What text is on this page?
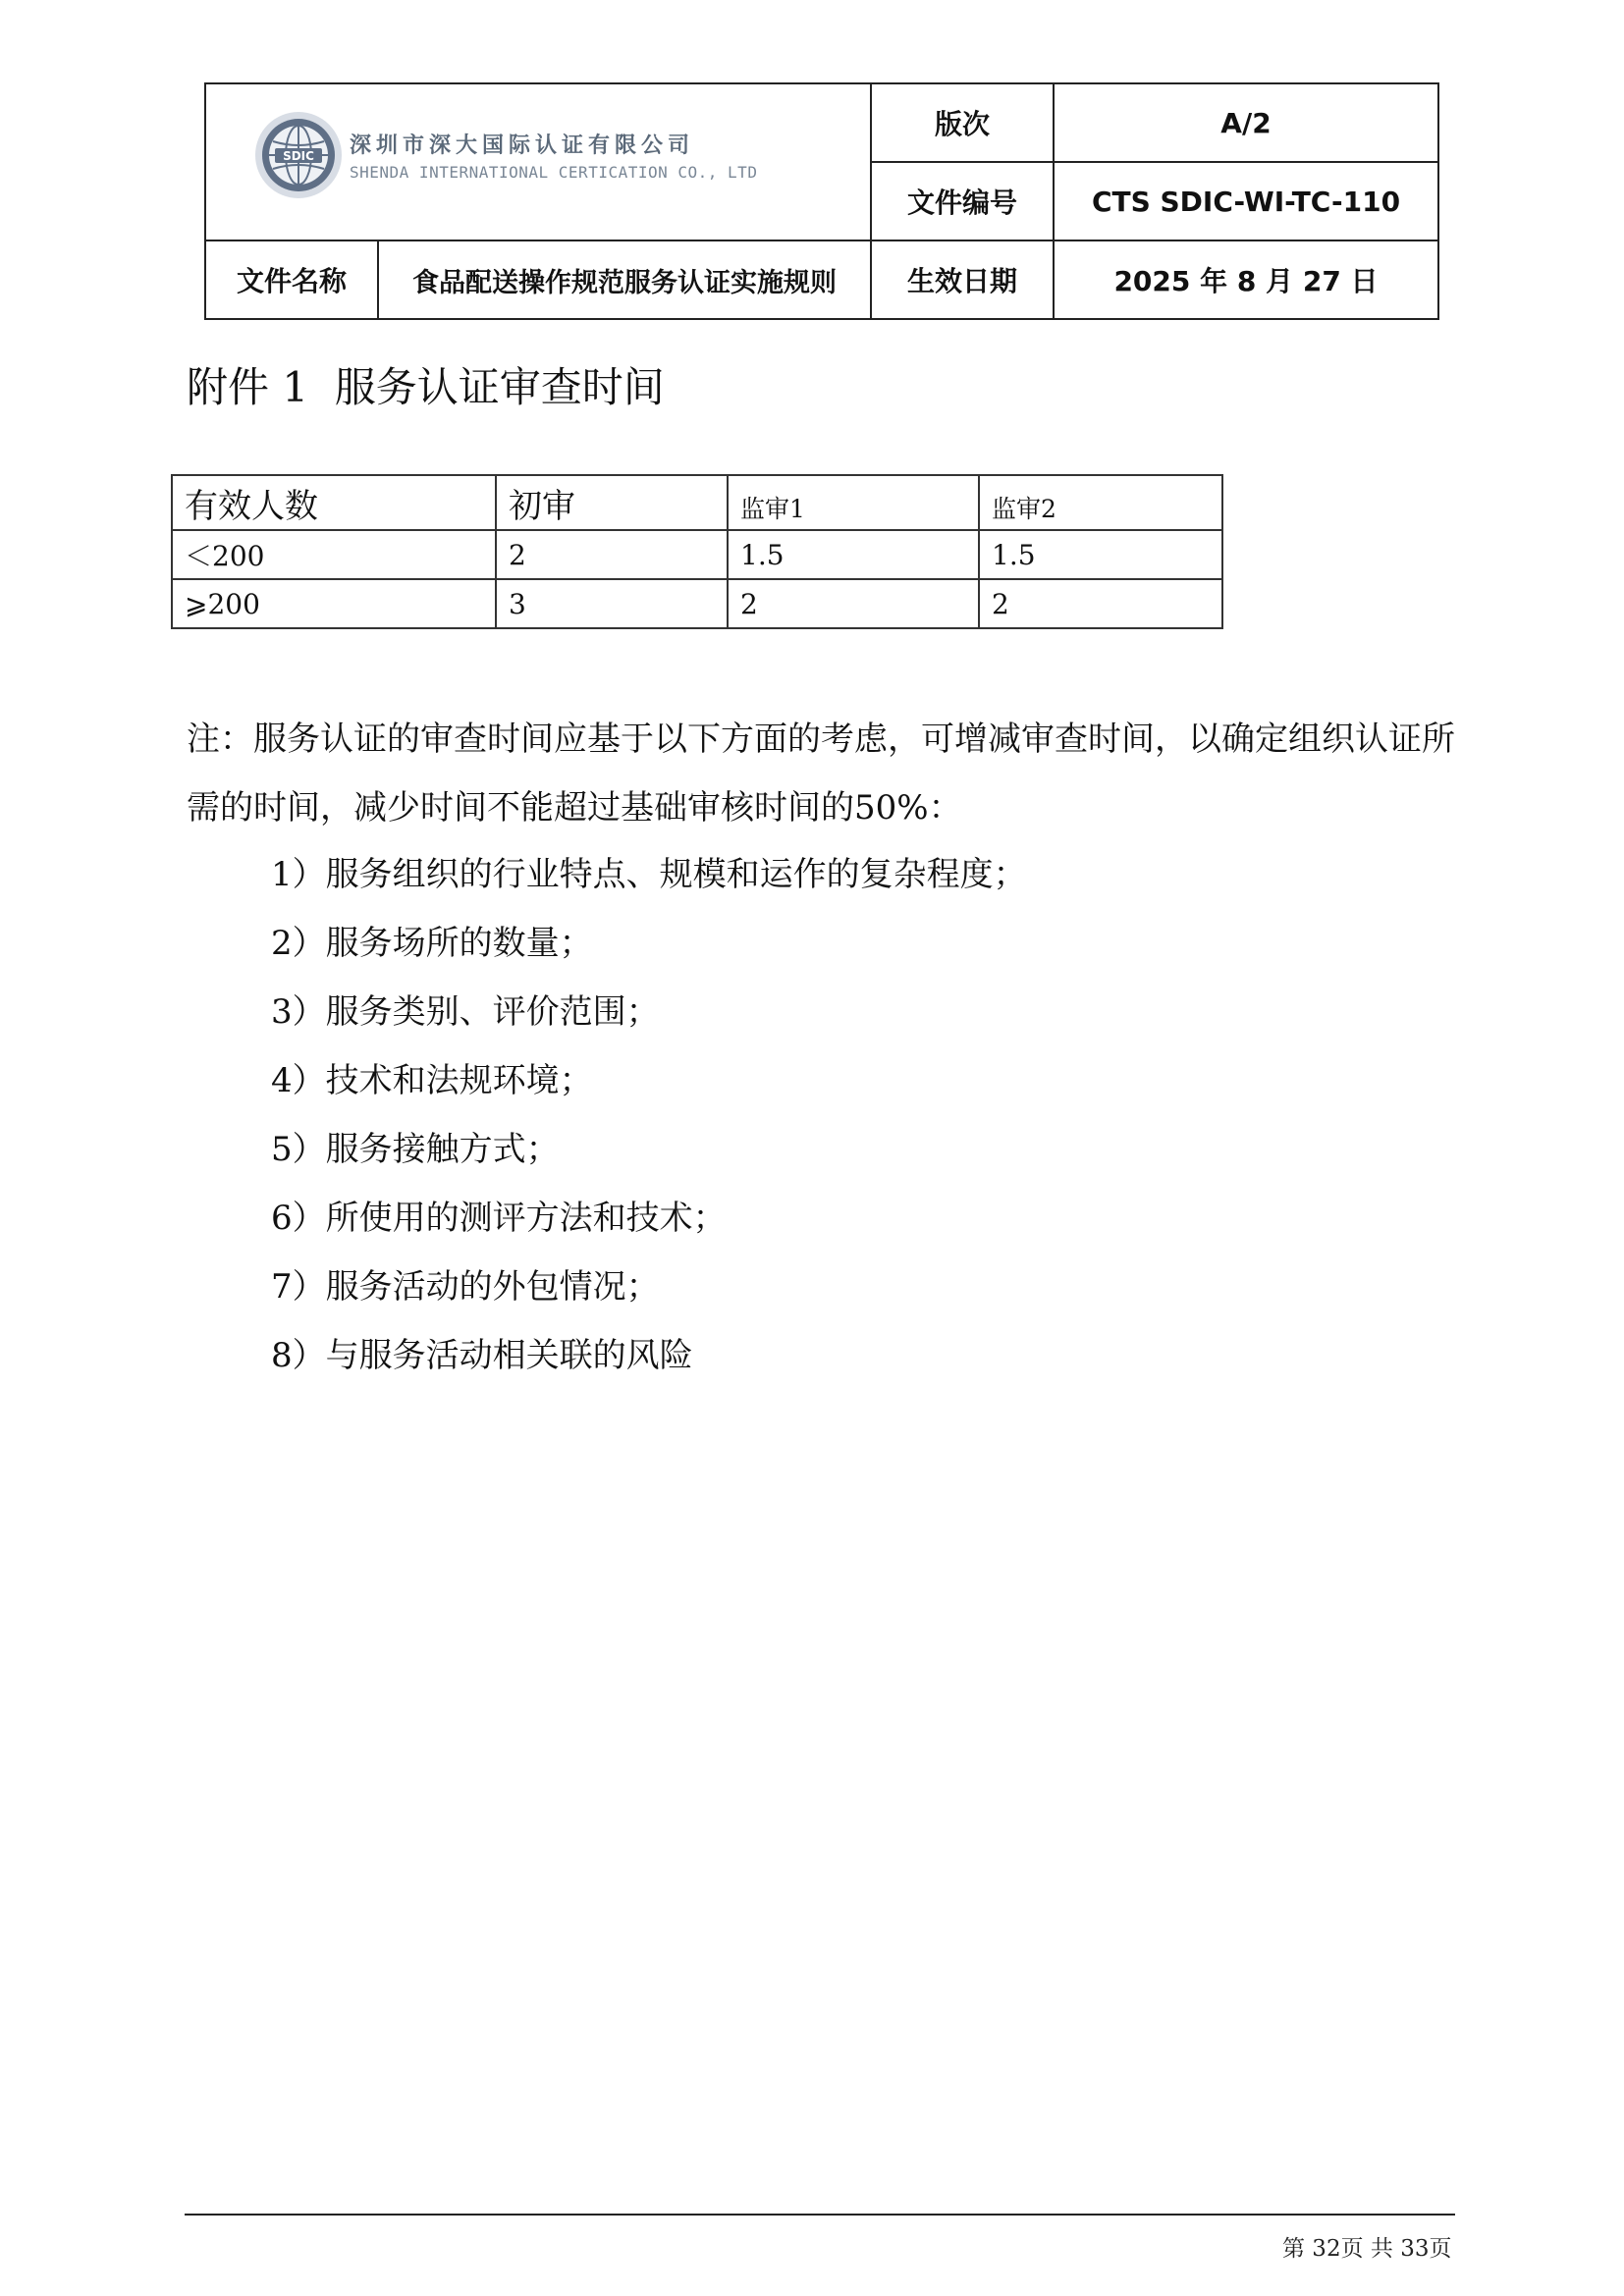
SDIC 深圳市深大国际认证有限公司
SHENDA INTERNATIONAL CERTICATION CO., LTD
版次	A/2
文件编号	CTS SDIC-WI-TC-110
文件名称	食品配送操作规范服务认证实施规则	生效日期	2025 年 8 月 27 日
附件 1  服务认证审查时间
有效人数	初审	监审1	监审2
＜200	2	1.5	1.5
⩾200	3	2	2
注：服务认证的审查时间应基于以下方面的考虑，可增减审查时间，以确定组织认证所需的时间，减少时间不能超过基础审核时间的50%：
1）服务组织的行业特点、规模和运作的复杂程度；
2）服务场所的数量；
3）服务类别、评价范围；
4）技术和法规环境；
5）服务接触方式；
6）所使用的测评方法和技术；
7）服务活动的外包情况；
8）与服务活动相关联的风险
第 32页 共 33页
